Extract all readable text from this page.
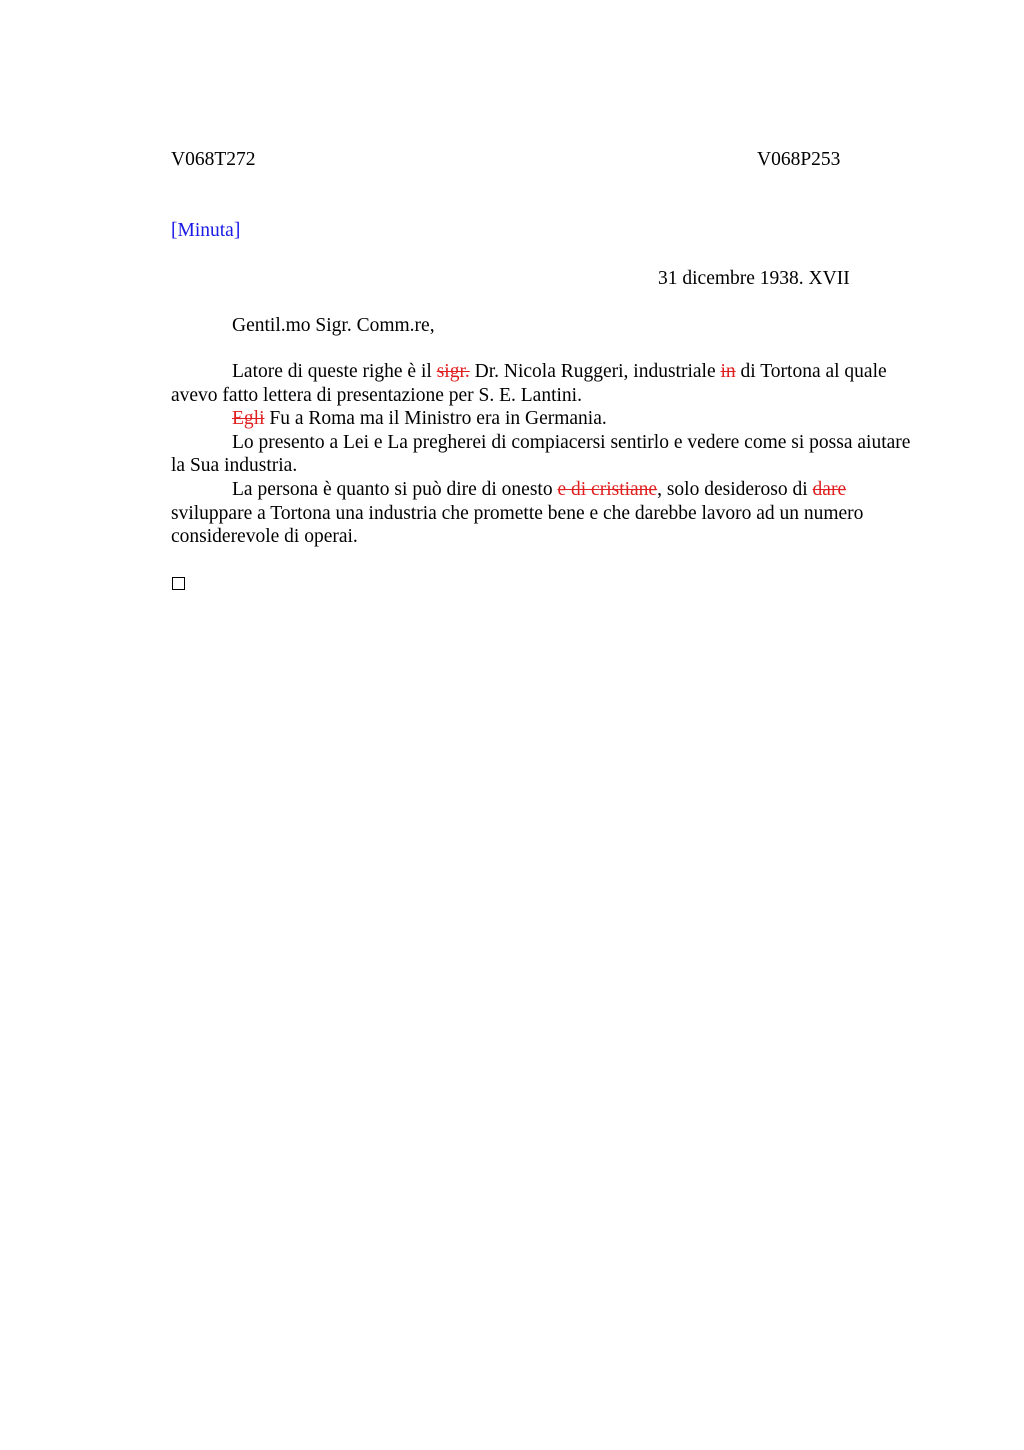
V068T272	V068P253
[Minuta]
31 dicembre 1938. XVII
Gentil.mo Sigr. Comm.re,

Latore di queste righe è il sigr. Dr. Nicola Ruggeri, industriale in di Tortona al quale avevo fatto lettera di presentazione per S. E. Lantini.

Egli Fu a Roma ma il Ministro era in Germania.

Lo presento a Lei e La pregherei di compiacersi sentirlo e vedere come si possa aiutare la Sua industria.

La persona è quanto si può dire di onesto e di cristiane, solo desideroso di dare sviluppare a Tortona una industria che promette bene e che darebbe lavoro ad un numero considerevole di operai.
